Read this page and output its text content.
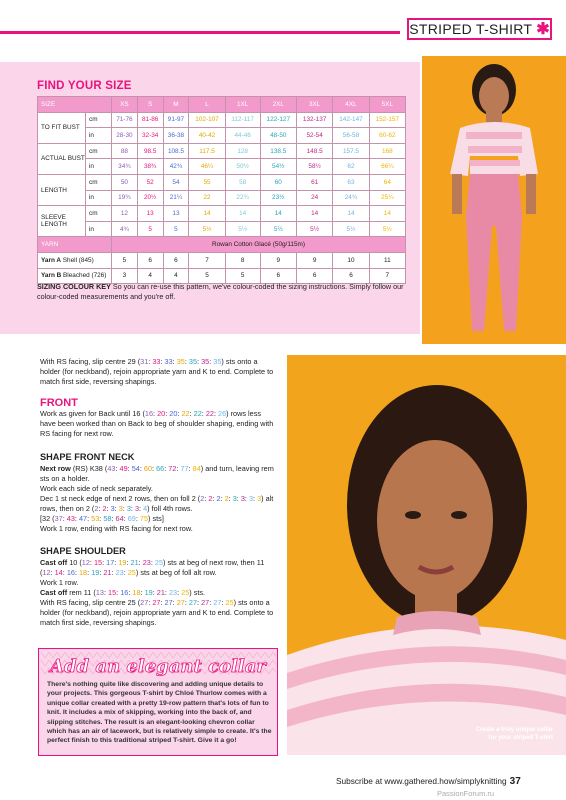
STRIPED T-SHIRT ✱
FIND YOUR SIZE
SIZE		XS	S	M	L	1XL	2XL	3XL	4XL	5XL
TO FIT BUST	cm	71-76	81-86	91-97	102-107	112-117	122-127	132-137	142-147	152-157
	in	28-30	32-34	36-38	40-42	44-46	48-50	52-54	56-58	60-62
ACTUAL BUST	cm	88	98.5	108.5	117.5	128	138.5	148.5	157.5	168
	in	34¾	38¾	42¾	46¼	50½	54½	58½	62	66¼
LENGTH	cm	50	52	54	55	58	60	61	63	64
	in	19¾	20½	21¼	22	22¾	23½	24	24¾	25¼
SLEEVE LENGTH	cm	12	13	13	14	14	14	14	14	14
	in	4¾	5	5	5½	5½	5½	5½	5½	5½
YARN		Rowan Cotton Glacé (50g/115m)								
Yarn A Shell (845)		5	6	6	7	8	9	9	10	11
Yarn B Bleached (726)		3	4	4	5	5	6	6	6	7
SIZING COLOUR KEY So you can re-use this pattern, we've colour-coded the sizing instructions. Simply follow our colour-coded measurements and you're off.
With RS facing, slip centre 29 (31: 33: 33: 35: 35: 35: 35) sts onto a holder (for neckband), rejoin appropriate yarn and K to end. Complete to match first side, reversing shapings.
FRONT
Work as given for Back until 16 (16: 20: 20: 22: 22: 22: 26) rows less have been worked than on Back to beg of shoulder shaping, ending with RS facing for next row.
SHAPE FRONT NECK
Next row (RS) K38 (43: 49: 54: 60: 66: 72: 77: 84) and turn, leaving rem sts on a holder.
Work each side of neck separately.
Dec 1 st neck edge of next 2 rows, then on foll 2 (2: 2: 2: 2: 3: 3: 3: 3) alt rows, then on 2 (2: 2: 3: 3: 3: 3: 4) foll 4th rows.
[32 (37: 43: 47: 53: 58: 64: 69: 75) sts]
Work 1 row, ending with RS facing for next row.
SHAPE SHOULDER
Cast off 10 (12: 15: 17: 19: 21: 23: 25) sts at beg of next row, then 11 (12: 14: 16: 18: 19: 21: 23: 25) sts at beg of foll alt row.
Work 1 row.
Cast off rem 11 (13: 15: 16: 18: 19: 21: 23: 25) sts.
With RS facing, slip centre 25 (27: 27: 27: 27: 27: 27: 27: 25) sts onto a holder (for neckband), rejoin appropriate yarn and K to end. Complete to match first side, reversing shapings.
Add an elegant collar
There's nothing quite like discovering and adding unique details to your projects. This gorgeous T-shirt by Chloé Thurlow comes with a unique collar created with a pretty 19-row pattern that's lots of fun to knit. It includes a mix of skipping, working into the back of, and slipping stitches. The result is an elegant-looking chevron collar which has an air of lacework, but is relatively simple to create. It's the perfect finish to this traditional striped T-shirt. Give it a go!
Create a truly unique collar
for your striped T-shirt
Subscribe at www.gathered.how/simplyknitting 37
PassionForum.ru
